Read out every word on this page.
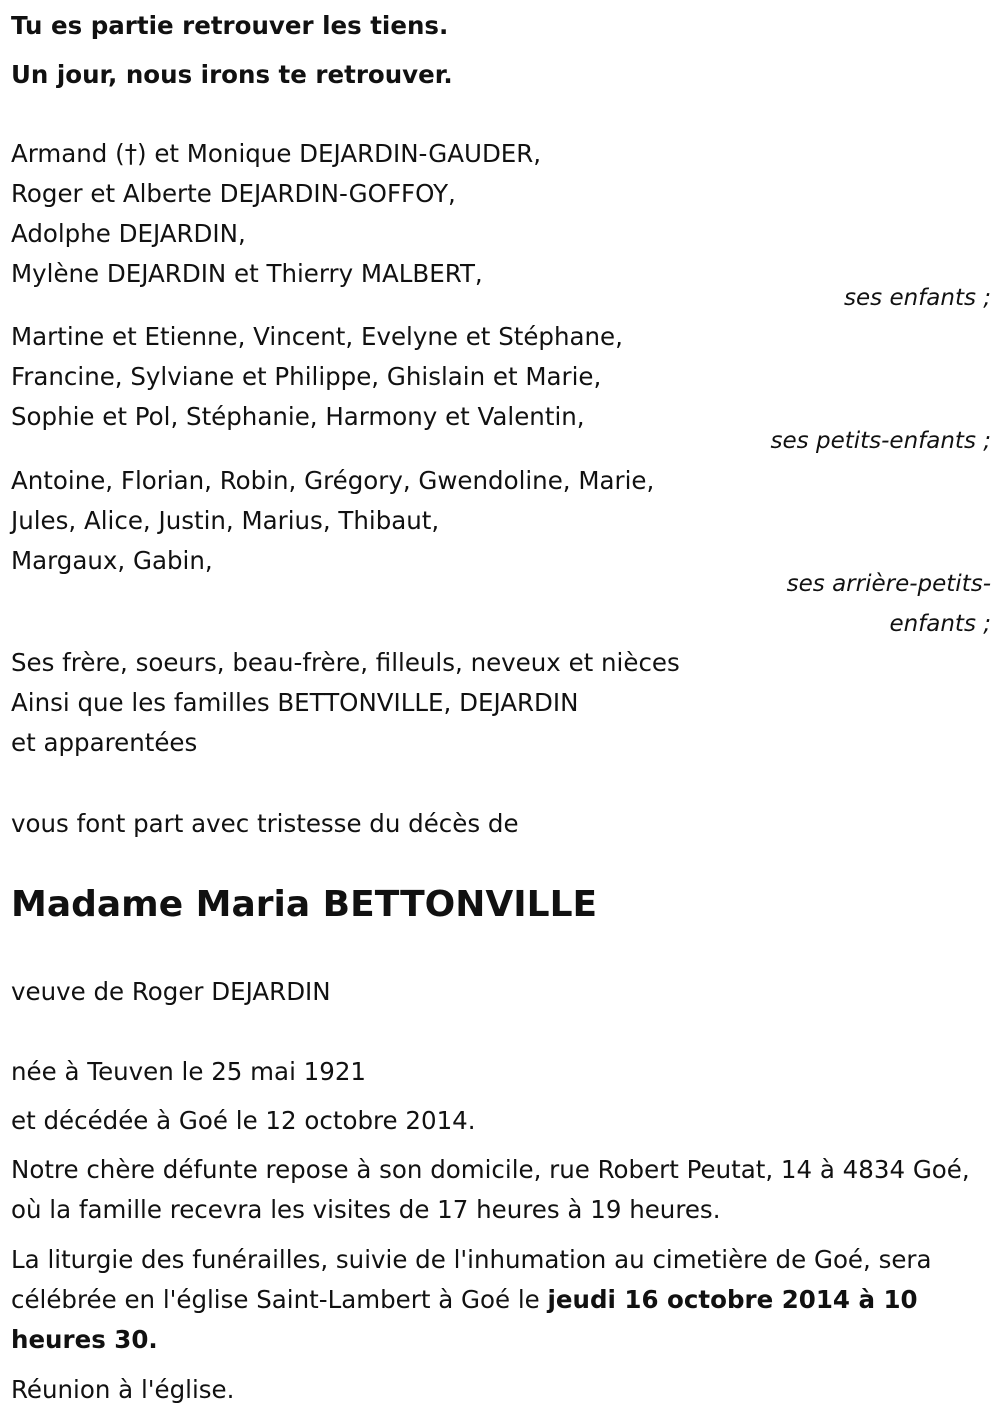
Tu es partie retrouver les tiens.
Un jour, nous irons te retrouver.
Armand (†) et Monique DEJARDIN-GAUDER,
Roger et Alberte DEJARDIN-GOFFOY,
Adolphe DEJARDIN,
Mylène DEJARDIN et Thierry MALBERT,
ses enfants ;
Martine et Etienne, Vincent, Evelyne et Stéphane,
Francine, Sylviane et Philippe, Ghislain et Marie,
Sophie et Pol, Stéphanie, Harmony et Valentin,
ses petits-enfants ;
Antoine, Florian, Robin, Grégory, Gwendoline, Marie,
Jules, Alice, Justin, Marius, Thibaut,
Margaux, Gabin,
ses arrière-petits-
enfants ;
Ses frère, soeurs, beau-frère, filleuls, neveux et nièces
Ainsi que les familles BETTONVILLE, DEJARDIN
et apparentées
vous font part avec tristesse du décès de
Madame Maria BETTONVILLE
veuve de Roger DEJARDIN
née à Teuven le 25 mai 1921
et décédée à Goé le 12 octobre 2014.
Notre chère défunte repose à son domicile, rue Robert Peutat, 14 à 4834 Goé, où la famille recevra les visites de 17 heures à 19 heures.
La liturgie des funérailles, suivie de l'inhumation au cimetière de Goé, sera célébrée en l'église Saint-Lambert à Goé le jeudi 16 octobre 2014 à 10 heures 30.
Réunion à l'église.
